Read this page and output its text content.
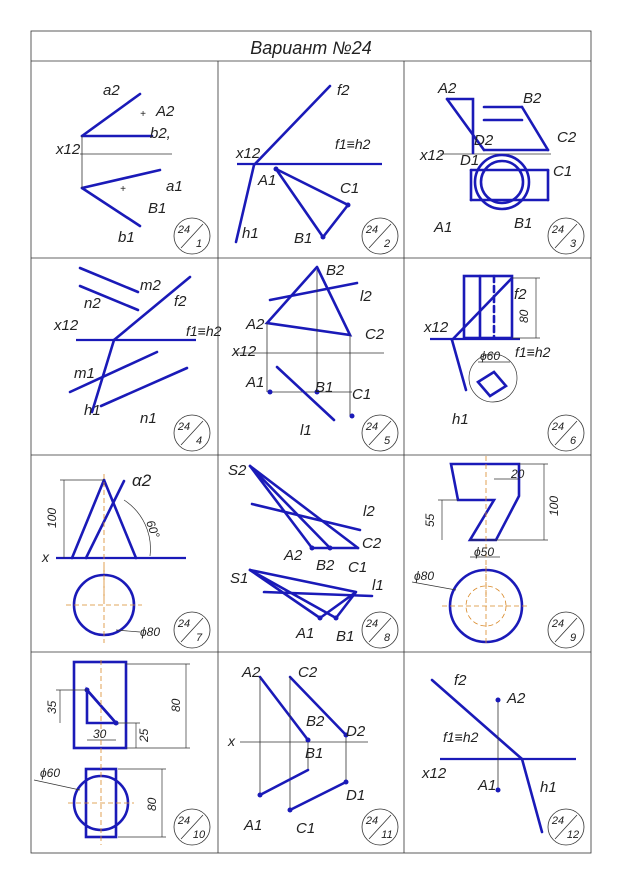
Вариант №24
+
+
a2
A2
b2,
x12
a1
B1
b1
f2
x12
f1≡h2
A1	C1
B1
h1
A2
B2
D2	C2
x12 D1
C1
A1	B1
m2
n2	f2
x12	f1≡h2
m1
h1	n1
B2
l2
A2
C2
x12
A1	B1 C1
l1
80
ϕ60
f2
x12
f1≡h2
h1
100
60°
ϕ80
α2
x
S2
l2
C2
A2
B2 C1
S1	l1
A1 B1
100
20
55
ϕ50
ϕ80
80
35
30	25
80
ϕ60
A2	C2
B2
D2
x
B1
D1
A1 C1
f2
A2
f1≡h2
x12
A1	h1
24
1
24
2
24
3
24
4
24
5
24
6
24
7
24
8
24
9
24
10
24
11
24
12
